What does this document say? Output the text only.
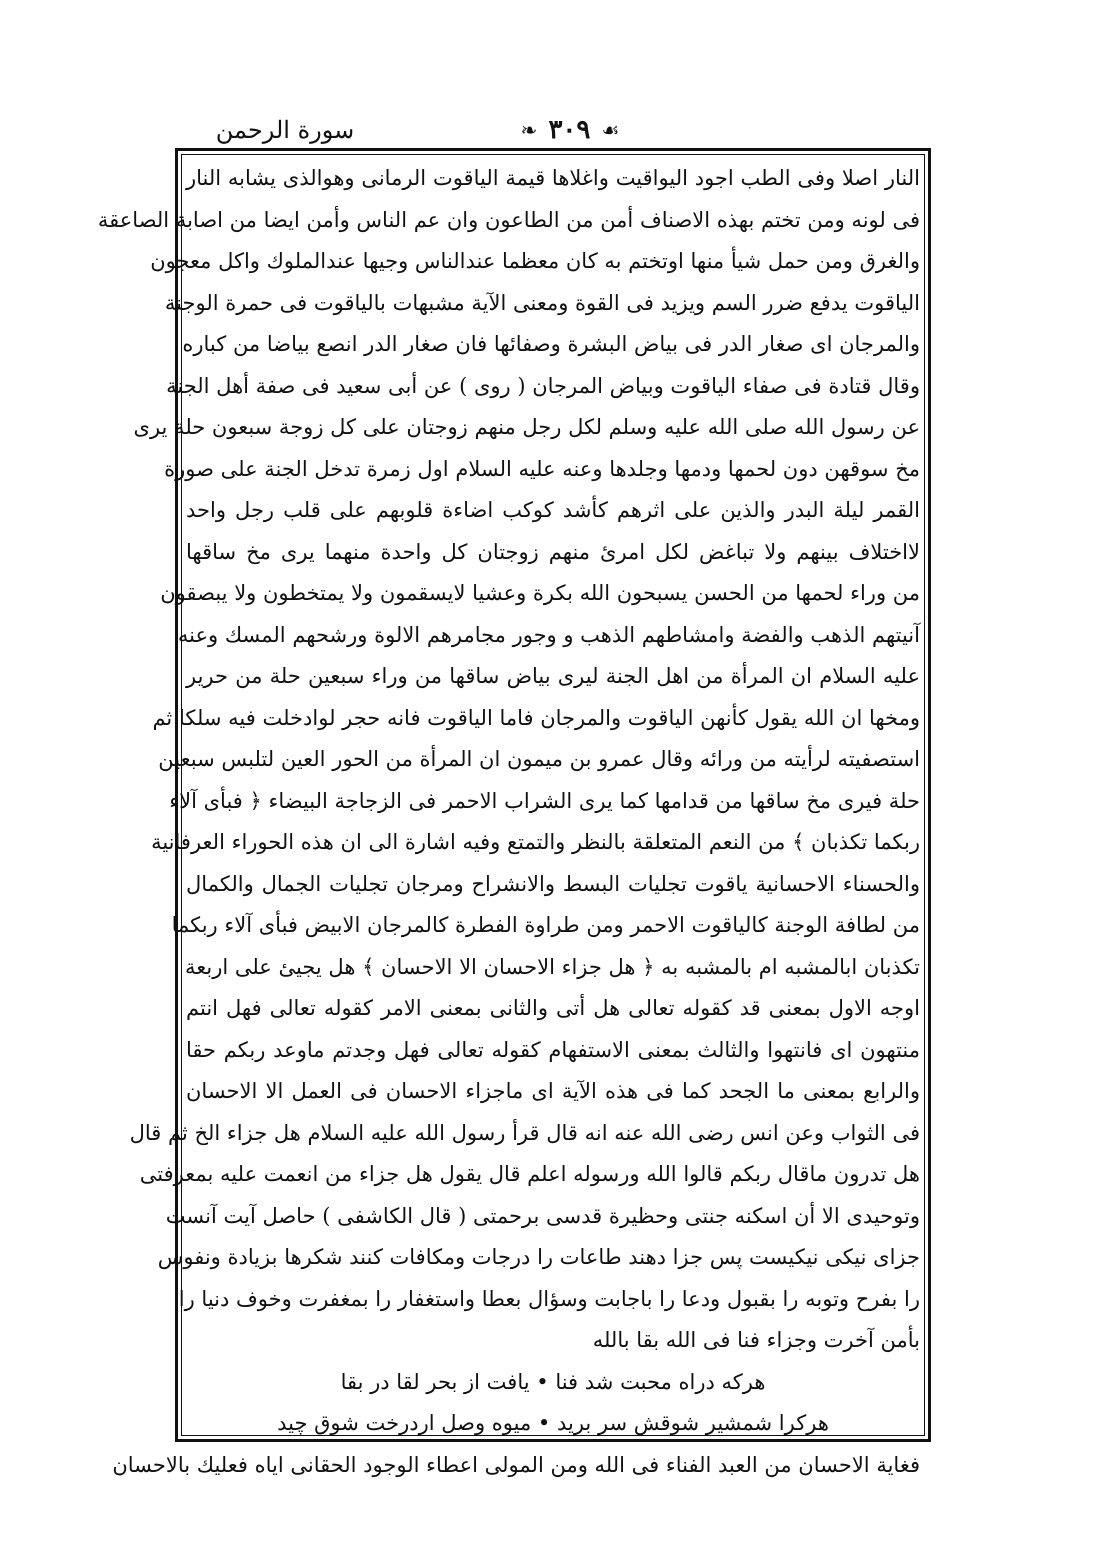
❧ ٣٠٩ ☙
سورة الرحمن
النار اصلا وفى الطب اجود اليواقيت واغلاها قيمة الياقوت الرمانى وهوالذى يشابه النار
فى لونه ومن تختم بهذه الاصناف أمن من الطاعون وان عم الناس وأمن ايضا من اصابة الصاعقة
والغرق ومن حمل شيأ منها اوتختم به كان معظما عندالناس وجيها عندالملوك واكل معجون
الياقوت يدفع ضرر السم ويزيد فى القوة ومعنى الآية مشبهات بالياقوت فى حمرة الوجنة
والمرجان اى صغار الدر فى بياض البشرة وصفائها فان صغار الدر انصع بياضا من كباره
وقال قتادة فى صفاء الياقوت وبياض المرجان ( روى ) عن أبى سعيد فى صفة أهل الجنة
عن رسول الله صلى الله عليه وسلم لكل رجل منهم زوجتان على كل زوجة سبعون حلة يرى
مخ سوقهن دون لحمها ودمها وجلدها وعنه عليه السلام اول زمرة تدخل الجنة على صورة
القمر ليلة البدر والذين على اثرهم كأشد كوكب اضاءة قلوبهم على قلب رجل واحد
لااختلاف بينهم ولا تباغض لكل امرئ منهم زوجتان كل واحدة منهما يرى مخ ساقها
من وراء لحمها من الحسن يسبحون الله بكرة وعشيا لايسقمون ولا يمتخطون ولا يبصقون
آنيتهم الذهب والفضة وامشاطهم الذهب و وجور مجامرهم الالوة ورشحهم المسك وعنه
عليه السلام ان المرأة من اهل الجنة ليرى بياض ساقها من وراء سبعين حلة من حرير
ومخها ان الله يقول كأنهن الياقوت والمرجان فاما الياقوت فانه حجر لوادخلت فيه سلكا ثم
استصفيته لرأيته من ورائه وقال عمرو بن ميمون ان المرأة من الحور العين لتلبس سبعين
حلة فيرى مخ ساقها من قدامها كما يرى الشراب الاحمر فى الزجاجة البيضاء ﴿ فبأى آلاء
ربكما تكذبان ﴾ من النعم المتعلقة بالنظر والتمتع وفيه اشارة الى ان هذه الحوراء العرفانية
والحسناء الاحسانية ياقوت تجليات البسط والانشراح ومرجان تجليات الجمال والكمال
من لطافة الوجنة كالياقوت الاحمر ومن طراوة الفطرة كالمرجان الابيض فبأى آلاء ربكما
تكذبان ابالمشبه ام بالمشبه به ﴿ هل جزاء الاحسان الا الاحسان ﴾ هل يجيئ على اربعة
اوجه الاول بمعنى قد كقوله تعالى هل أتى والثانى بمعنى الامر كقوله تعالى فهل انتم
منتهون اى فانتهوا والثالث بمعنى الاستفهام كقوله تعالى فهل وجدتم ماوعد ربكم حقا
والرابع بمعنى ما الجحد كما فى هذه الآية اى ماجزاء الاحسان فى العمل الا الاحسان
فى الثواب وعن انس رضى الله عنه انه قال قرأ رسول الله عليه السلام هل جزاء الخ ثم قال
هل تدرون ماقال ربكم قالوا الله ورسوله اعلم قال يقول هل جزاء من انعمت عليه بمعرفتى
وتوحيدى الا أن اسكنه جنتى وحظيرة قدسى برحمتى ( قال الكاشفى ) حاصل آيت آنست
جزاى نيكى نيكيست پس جزا دهند طاعات را درجات ومكافات كنند شكرها بزيادة ونفوس
را بفرح وتوبه را بقبول ودعا را باجابت وسؤال بعطا واستغفار را بمغفرت وخوف دنيا را
بأمن آخرت وجزاء فنا فى الله بقا بالله
هركه دراه محبت شد فنا • يافت از بحر لقا در بقا
هركرا شمشير شوقش سر بريد • ميوه وصل اردرخت شوق چيد
فغاية الاحسان من العبد الفناء فى الله ومن المولى اعطاء الوجود الحقانى اياه فعليك بالاحسان
